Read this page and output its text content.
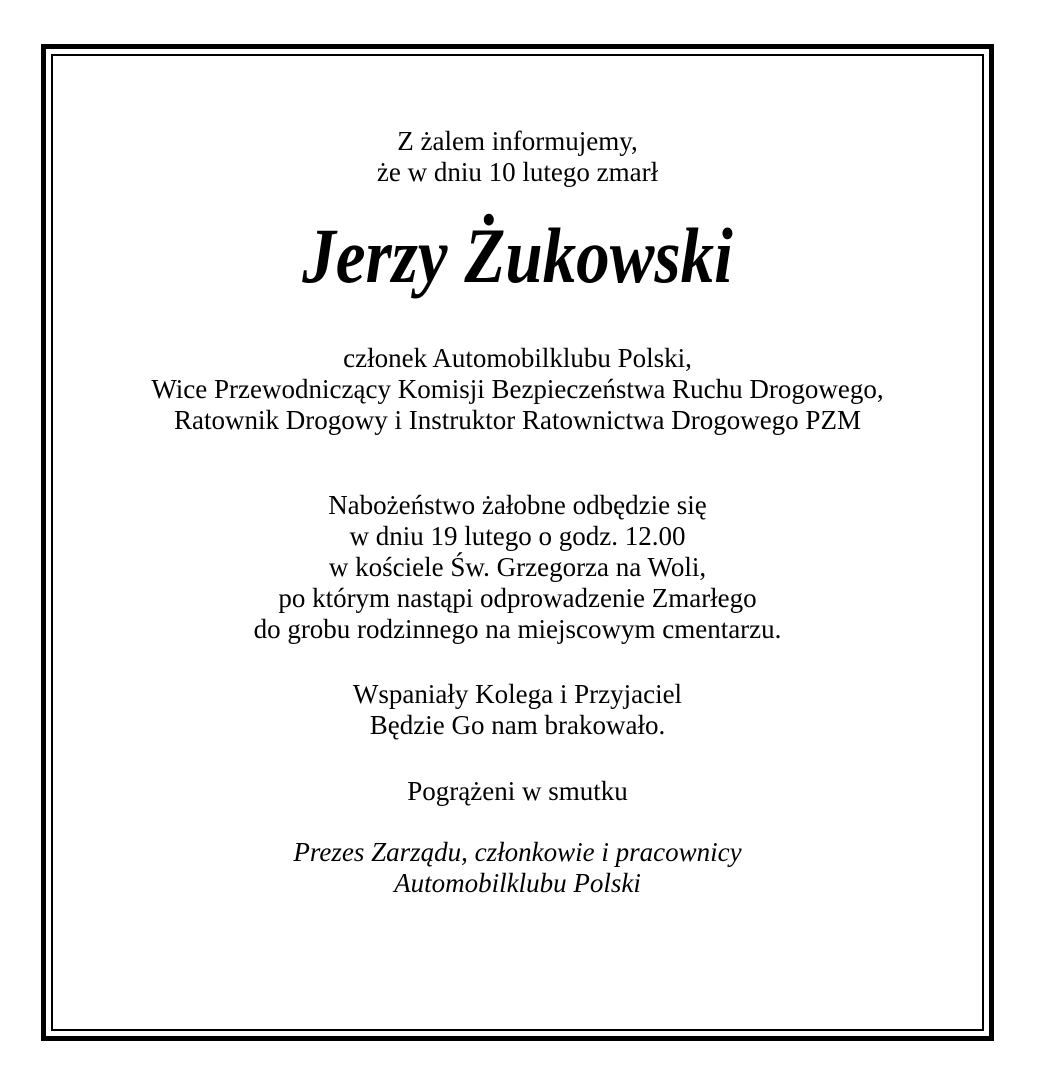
Z żalem informujemy,
że w dniu 10 lutego zmarł
Jerzy Żukowski
członek Automobilklubu Polski,
Wice Przewodniczący Komisji Bezpieczeństwa Ruchu Drogowego,
Ratownik Drogowy i Instruktor Ratownictwa Drogowego PZM
Nabożeństwo żałobne odbędzie się
w dniu 19 lutego o godz. 12.00
w kościele Św. Grzegorza na Woli,
po którym nastąpi odprowadzenie Zmarłego
do grobu rodzinnego na miejscowym cmentarzu.
Wspaniały Kolega i Przyjaciel
Będzie Go nam brakowało.
Pogrążeni w smutku
Prezes Zarządu, członkowie i pracownicy
Automobilklubu Polski
